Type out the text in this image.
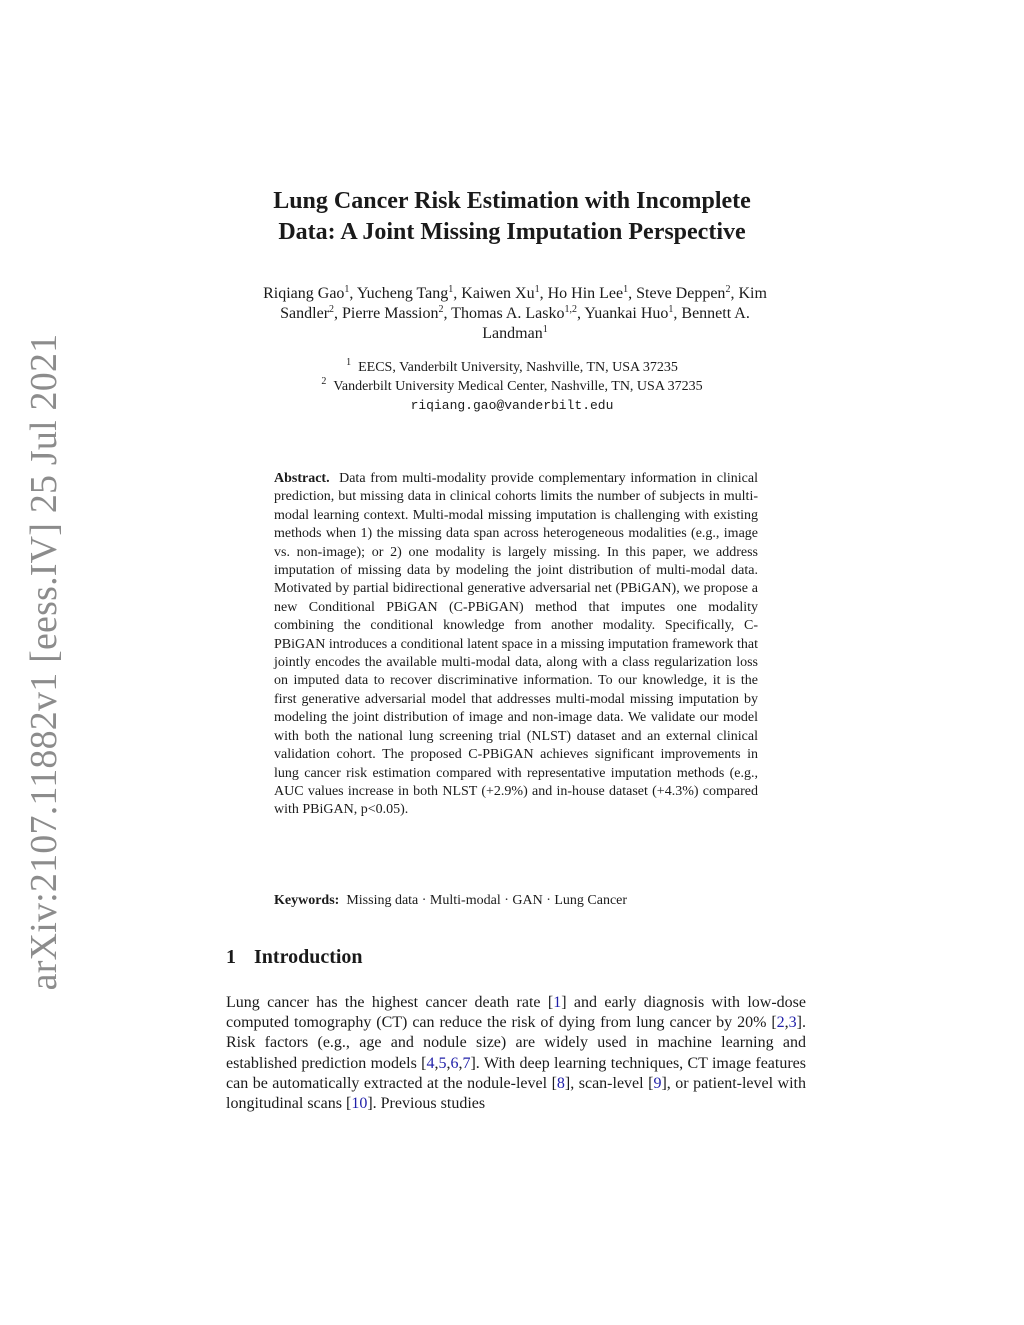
arXiv:2107.11882v1 [eess.IV] 25 Jul 2021
Lung Cancer Risk Estimation with Incomplete
Data: A Joint Missing Imputation Perspective
Riqiang Gao$^1$, Yucheng Tang$^1$, Kaiwen Xu$^1$, Ho Hin Lee$^1$, Steve Deppen$^2$, Kim
Sandler$^2$, Pierre Massion$^2$, Thomas A. Lasko$^{1,2}$, Yuankai Huo$^1$, Bennett A.
Landman$^1$
$^1$ EECS, Vanderbilt University, Nashville, TN, USA 37235
$^2$ Vanderbilt University Medical Center, Nashville, TN, USA 37235
riqiang.gao@vanderbilt.edu

Abstract. Data from multi-modality provide complementary information in clinical prediction, but missing data in clinical cohorts limits the number of subjects in multi-modal learning context. Multi-modal missing imputation is challenging with existing methods when 1) the missing data span across heterogeneous modalities (e.g., image vs. non-image); or 2) one modality is largely missing. In this paper, we address imputation of missing data by modeling the joint distribution of multi-modal data. Motivated by partial bidirectional generative adversarial net (PBiGAN), we propose a new Conditional PBiGAN (C-PBiGAN) method that imputes one modality combining the conditional knowledge from another modality. Specifically, C-PBiGAN introduces a conditional latent space in a missing imputation framework that jointly encodes the available multi-modal data, along with a class regularization loss on imputed data to recover discriminative information. To our knowledge, it is the first generative adversarial model that addresses multi-modal missing imputation by modeling the joint distribution of image and non-image data. We validate our model with both the national lung screening trial (NLST) dataset and an external clinical validation cohort. The proposed C-PBiGAN achieves significant improvements in lung cancer risk estimation compared with representative imputation methods (e.g., AUC values increase in both NLST (+2.9%) and in-house dataset (+4.3%) compared with PBiGAN, p<0.05).

Keywords: Missing data · Multi-modal · GAN · Lung Cancer

1 Introduction

Lung cancer has the highest cancer death rate [1] and early diagnosis with low-dose computed tomography (CT) can reduce the risk of dying from lung cancer by 20% [2,3]. Risk factors (e.g., age and nodule size) are widely used in machine learning and established prediction models [4,5,6,7]. With deep learning techniques, CT image features can be automatically extracted at the nodule-level [8], scan-level [9], or patient-level with longitudinal scans [10]. Previous studies
